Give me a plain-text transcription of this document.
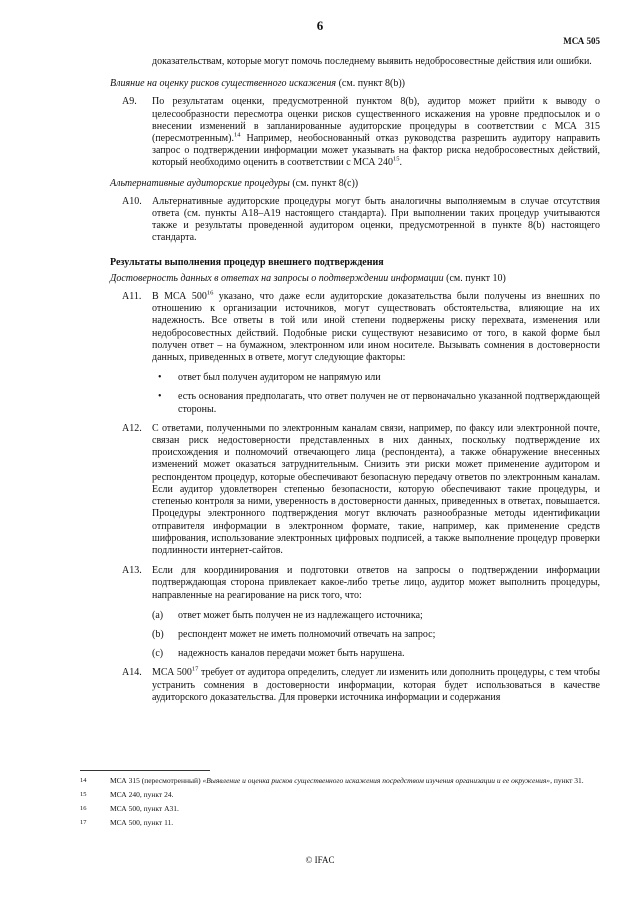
6
МСА 505

доказательствам, которые могут помочь последнему выявить недобросовестные действия или ошибки.

Влияние на оценку рисков существенного искажения (см. пункт 8(b))

A9. По результатам оценки, предусмотренной пунктом 8(b), аудитор может прийти к выводу о целесообразности пересмотра оценки рисков существенного искажения на уровне предпосылок и о внесении изменений в запланированные аудиторские процедуры в соответствии с МСА 315 (пересмотренным).$^{14}$ Например, необоснованный отказ руководства разрешить аудитору направить запрос о подтверждении информации может указывать на фактор риска недобросовестных действий, который необходимо оценить в соответствии с МСА $240^{15}$.

Альтернативные аудиторские процедуры (см. пункт 8(с))

A10. Альтернативные аудиторские процедуры могут быть аналогичны выполняемым в случае отсутствия ответа (см. пункты A18–A19 настоящего стандарта). При выполнении таких процедур учитываются также и результаты проведенной аудитором оценки, предусмотренной в пункте 8(b) настоящего стандарта.

Результаты выполнения процедур внешнего подтверждения

Достоверность данных в ответах на запросы о подтверждении информации (см. пункт 10)

A11. В МСА $500^{16}$ указано, что даже если аудиторские доказательства были получены из внешних по отношению к организации источников, могут существовать обстоятельства, влияющие на их надежность. Все ответы в той или иной степени подвержены риску перехвата, изменения или недобросовестных действий. Подобные риски существуют независимо от того, в какой форме был получен ответ – на бумажном, электронном или ином носителе. Вызывать сомнения в достоверности данных, приведенных в ответе, могут следующие факторы:
• ответ был получен аудитором не напрямую или
• есть основания предполагать, что ответ получен не от первоначально указанной подтверждающей стороны.
A12. С ответами, полученными по электронным каналам связи, например, по факсу или электронной почте, связан риск недостоверности представленных в них данных, поскольку подтверждение их происхождения и полномочий отвечающего лица (респондента), а также обнаружение внесенных изменений может оказаться затруднительным. Снизить эти риски может применение аудитором и респондентом процедур, которые обеспечивают безопасную передачу ответов по электронным каналам. Если аудитор удовлетворен степенью безопасности, которую обеспечивают такие процедуры, и степенью контроля за ними, уверенность в достоверности данных, приведенных в ответах, повышается. Процедуры электронного подтверждения могут включать разнообразные методы идентификации отправителя информации в электронном формате, такие, например, как применение средств шифрования, использование электронных цифровых подписей, а также выполнение процедур проверки подлинности интернет-сайтов.
A13. Если для координирования и подготовки ответов на запросы о подтверждении информации подтверждающая сторона привлекает какое-либо третье лицо, аудитор может выполнить процедуры, направленные на реагирование на риск того, что:
(a) ответ может быть получен не из надлежащего источника;
(b) респондент может не иметь полномочий отвечать на запрос;
(c) надежность каналов передачи может быть нарушена.
A14. МСА $500^{17}$ требует от аудитора определить, следует ли изменить или дополнить процедуры, с тем чтобы устранить сомнения в достоверности информации, которая будет использоваться в качестве аудиторского доказательства. Для проверки источника информации и содержания
14	МСА 315 (пересмотренный) «Выявление и оценка рисков существенного искажения посредством изучения организации и ее окружения», пункт 31.
15	МСА 240, пункт 24.
16	МСА 500, пункт A31.
17	МСА 500, пункт 11.
© IFAC
